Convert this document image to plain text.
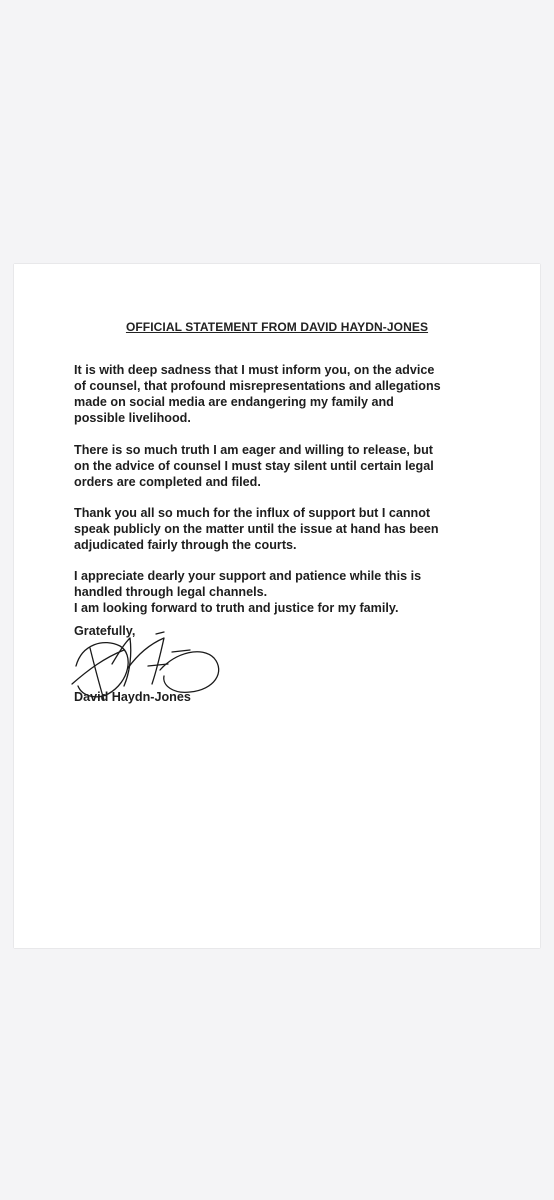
OFFICIAL STATEMENT FROM DAVID HAYDN-JONES

It is with deep sadness that I must inform you, on the advice
of counsel, that profound misrepresentations and allegations
made on social media are endangering my family and
possible livelihood.

There is so much truth I am eager and willing to release, but
on the advice of counsel I must stay silent until certain legal
orders are completed and filed.

Thank you all so much for the influx of support but I cannot
speak publicly on the matter until the issue at hand has been
adjudicated fairly through the courts.

I appreciate dearly your support and patience while this is
handled through legal channels.
I am looking forward to truth and justice for my family.

Gratefully,
David Haydn-Jones
